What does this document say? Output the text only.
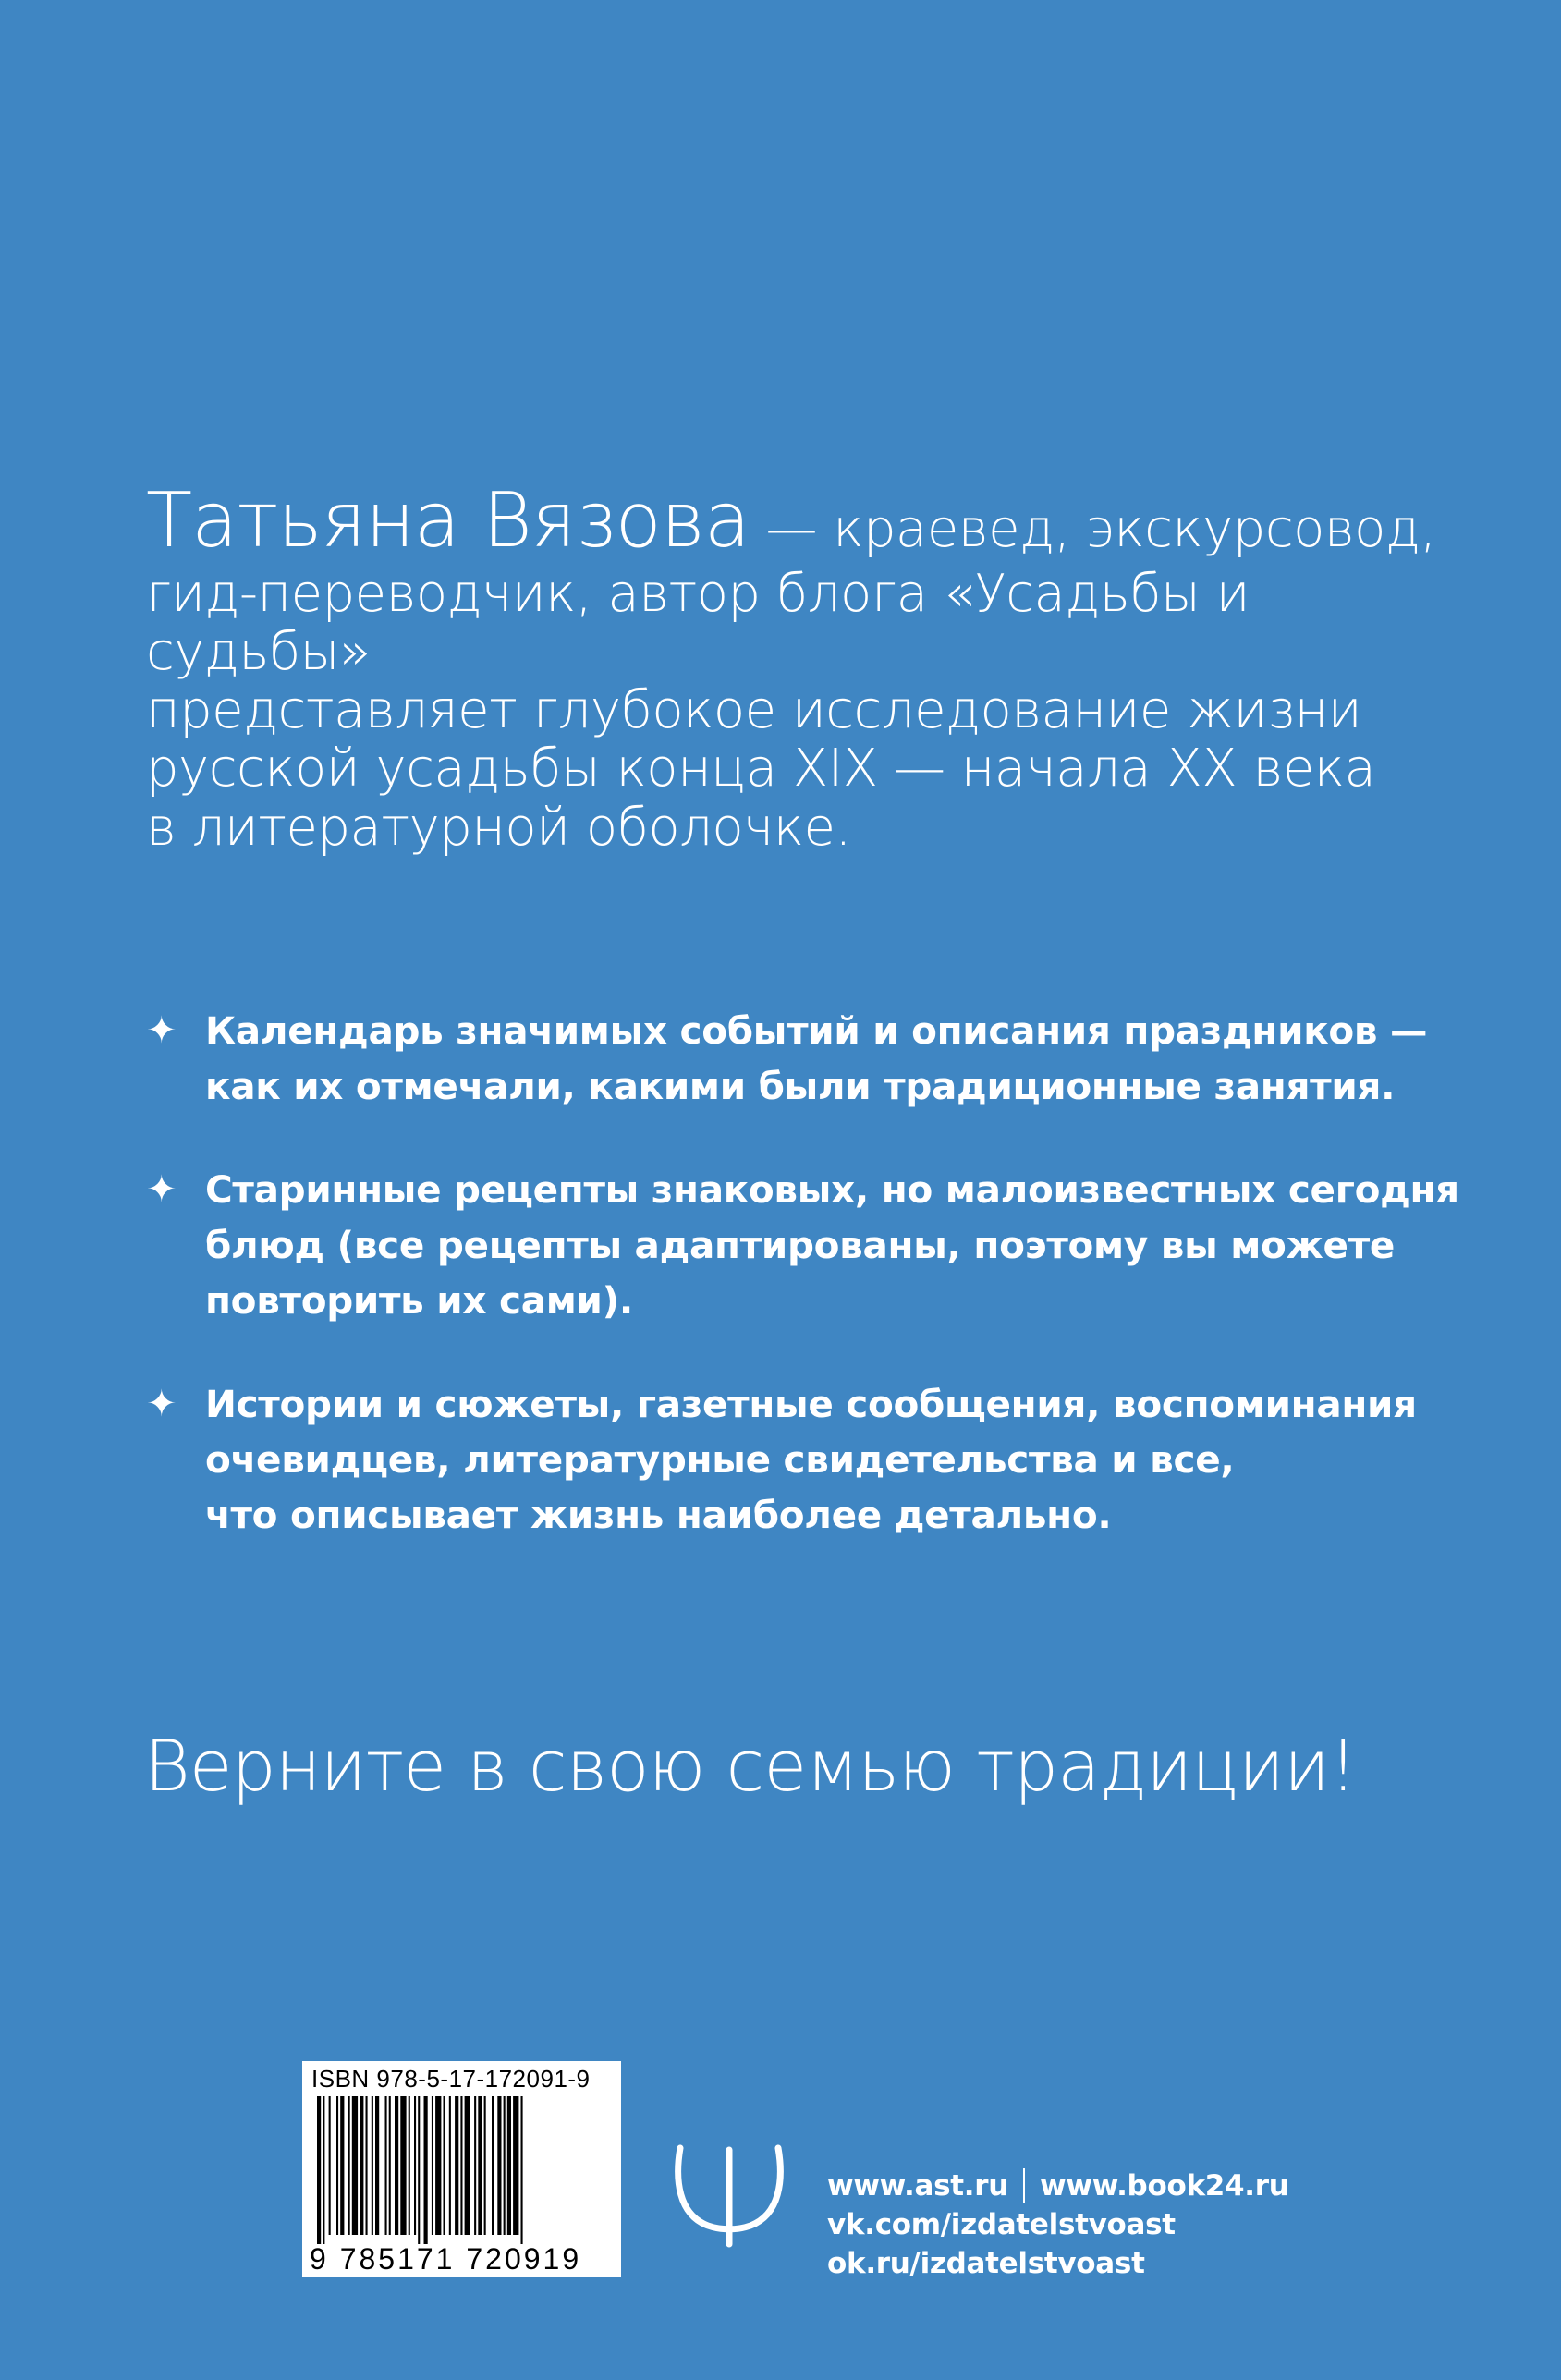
Татьяна Вязова — краевед, экскурсовод,
гид-переводчик, автор блога «Усадьбы и судьбы»
представляет глубокое исследование жизни
русской усадьбы конца XIX — начала XX века
в литературной оболочке.

✦ Календарь значимых событий и описания праздников —
как их отмечали, какими были традиционные занятия.
✦ Старинные рецепты знаковых, но малоизвестных сегодня
блюд (все рецепты адаптированы, поэтому вы можете
повторить их сами).
✦ Истории и сюжеты, газетные сообщения, воспоминания
очевидцев, литературные свидетельства и все,
что описывает жизнь наиболее детально.

Верните в свою семью традиции!

ISBN 978-5-17-172091-9
9 785171 720919
www.ast.ru www.book24.ru
vk.com/izdatelstvoast
ok.ru/izdatelstvoast
